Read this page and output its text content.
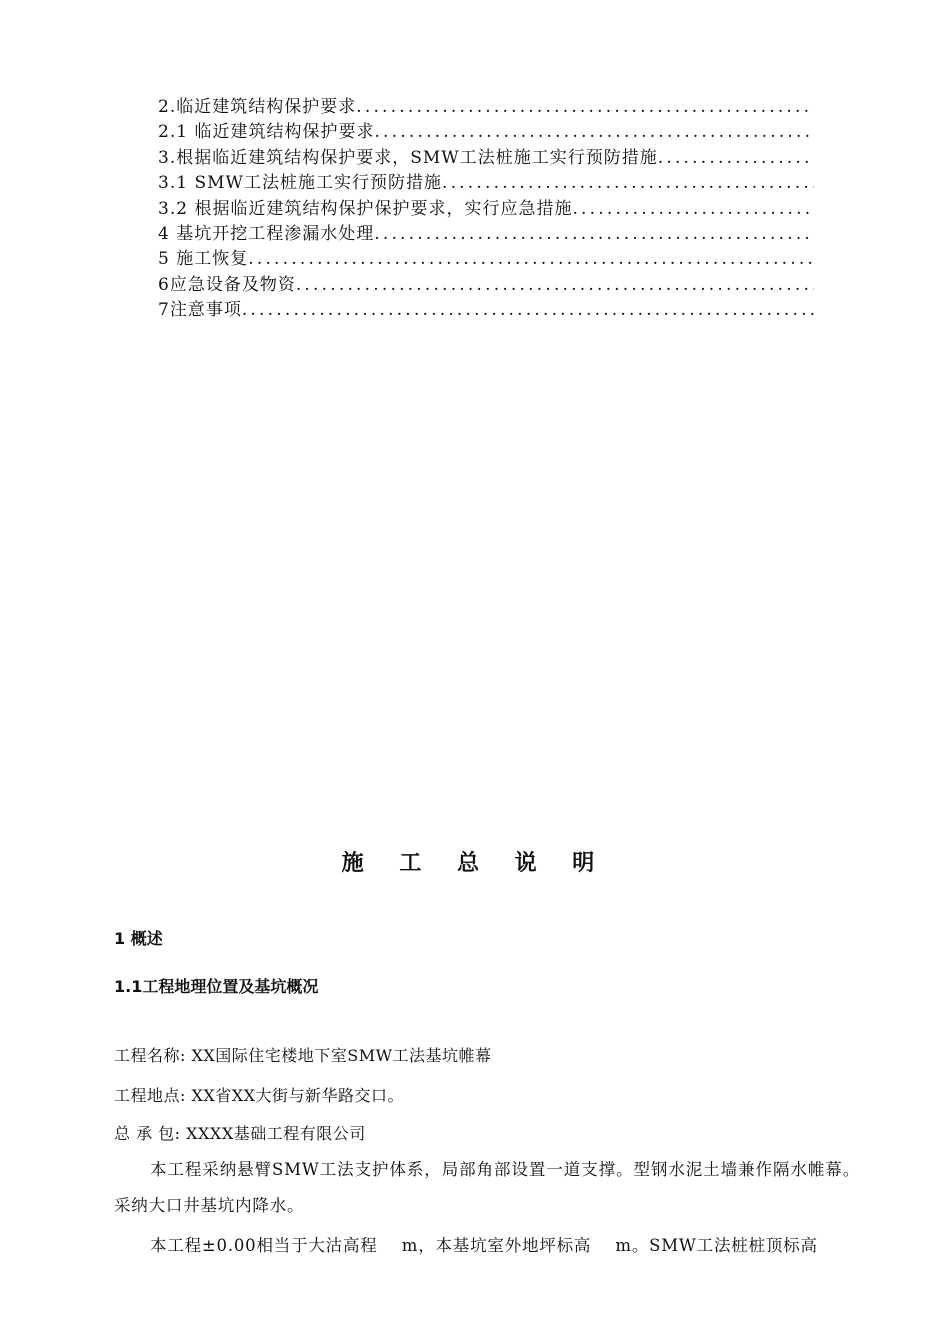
2.临近建筑结构保护要求
.....
2.1 临近建筑结构保护要求
.....
3.根据临近建筑结构保护要求，SMW工法桩施工实行预防措施
.....
3.1 SMW工法桩施工实行预防措施
.....
3.2 根据临近建筑结构保护保护要求，实行应急措施
.....
4 基坑开挖工程渗漏水处理
.....
5 施工恢复
.....
6应急设备及物资
.....
7注意事项
.....
施 工 总 说 明
1 概述
1.1工程地理位置及基坑概况
工程名称: XX国际住宅楼地下室SMW工法基坑帷幕
工程地点: XX省XX大街与新华路交口。
总 承 包: XXXX基础工程有限公司
本工程采纳悬臂SMW工法支护体系，局部角部设置一道支撑。型钢水泥土墙兼作隔水帷幕。采纳大口井基坑内降水。
本工程±0.00相当于大沽高程    m，本基坑室外地坪标高    m。SMW工法桩桩顶标高
